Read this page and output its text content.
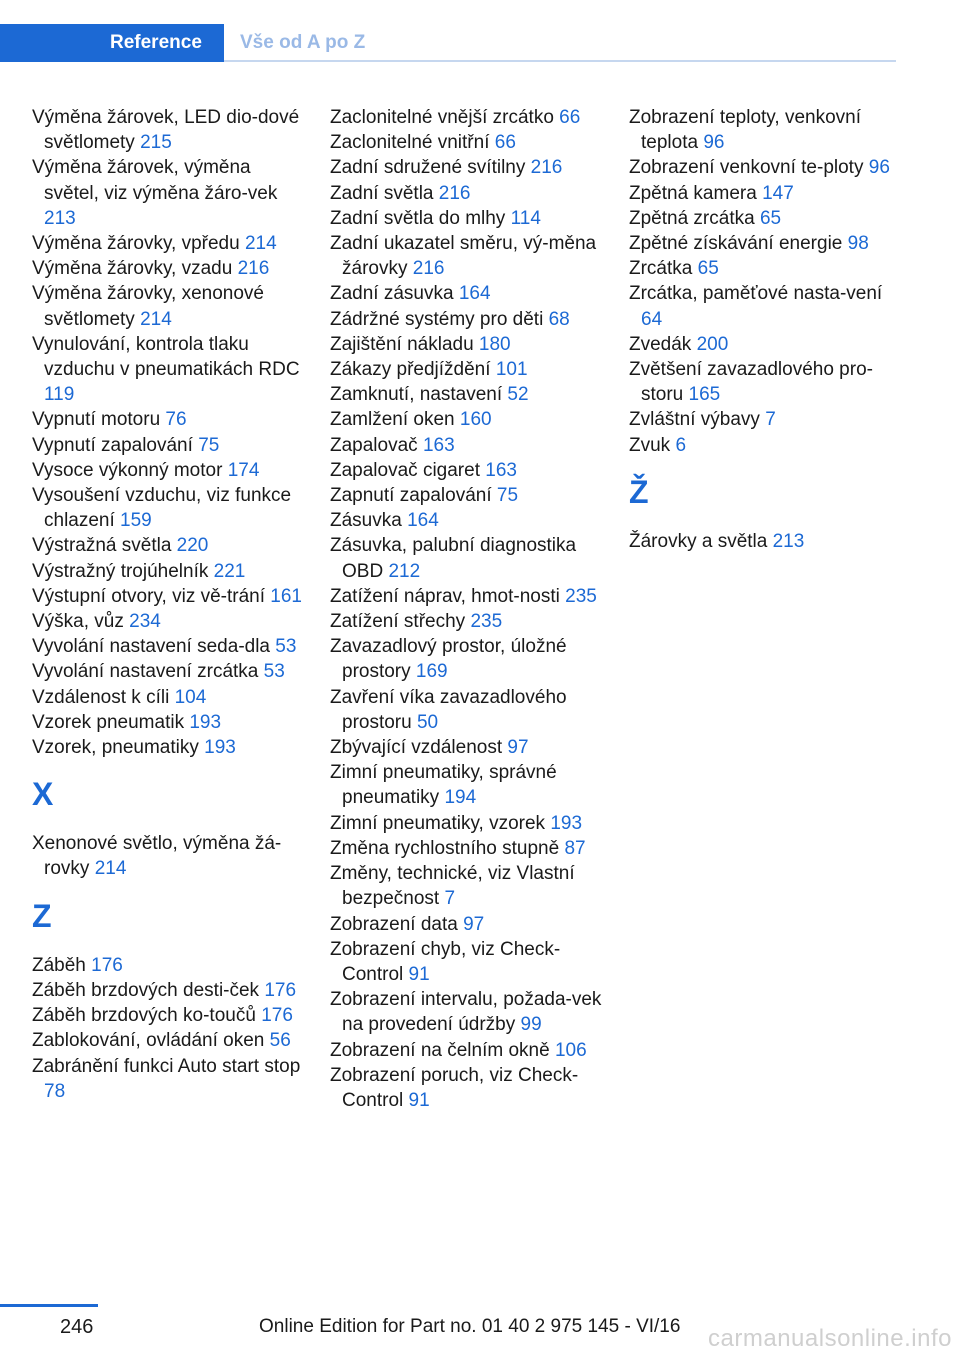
Reference	Vše od A po Z

Výměna žárovek, LED dio-dové světlomety 215

Výměna žárovek, výměna světel, viz výměna žáro-vek 213

Výměna žárovky, vpředu 214

Výměna žárovky, vzadu 216

Výměna žárovky, xenonové světlomety 214

Vynulování, kontrola tlaku vzduchu v pneumatikách RDC 119

Vypnutí motoru 76

Vypnutí zapalování 75

Vysoce výkonný motor 174

Vysoušení vzduchu, viz funkce chlazení 159

Výstražná světla 220

Výstražný trojúhelník 221

Výstupní otvory, viz vě-trání 161

Výška, vůz 234

Vyvolání nastavení seda-dla 53

Vyvolání nastavení zrcátka 53

Vzdálenost k cíli 104

Vzorek pneumatik 193

Vzorek, pneumatiky 193

X

Xenonové světlo, výměna žá-rovky 214

Z

Záběh 176

Záběh brzdových desti-ček 176

Záběh brzdových ko-toučů 176

Zablokování, ovládání oken 56

Zabránění funkci Auto start stop 78

Zaclonitelné vnější zrcátko 66

Zaclonitelné vnitřní 66

Zadní sdružené svítilny 216

Zadní světla 216

Zadní světla do mlhy 114

Zadní ukazatel směru, vý-měna žárovky 216

Zadní zásuvka 164

Zádržné systémy pro děti 68

Zajištění nákladu 180

Zákazy předjíždění 101

Zamknutí, nastavení 52

Zamlžení oken 160

Zapalovač 163

Zapalovač cigaret 163

Zapnutí zapalování 75

Zásuvka 164

Zásuvka, palubní diagnostika OBD 212

Zatížení náprav, hmot-nosti 235

Zatížení střechy 235

Zavazadlový prostor, úložné prostory 169

Zavření víka zavazadlového prostoru 50

Zbývající vzdálenost 97

Zimní pneumatiky, správné pneumatiky 194

Zimní pneumatiky, vzorek 193

Změna rychlostního stupně 87

Změny, technické, viz Vlastní bezpečnost 7

Zobrazení data 97

Zobrazení chyb, viz Check-Control 91

Zobrazení intervalu, požada-vek na provedení údržby 99

Zobrazení na čelním okně 106

Zobrazení poruch, viz Check-Control 91

Zobrazení teploty, venkovní teplota 96

Zobrazení venkovní te-ploty 96

Zpětná kamera 147

Zpětná zrcátka 65

Zpětné získávání energie 98

Zrcátka 65

Zrcátka, paměťové nasta-vení 64

Zvedák 200

Zvětšení zavazadlového pro-storu 165

Zvláštní výbavy 7

Zvuk 6

Ž

Žárovky a světla 213

246	Online Edition for Part no. 01 40 2 975 145 - VI/16 carmanualsonline.info
